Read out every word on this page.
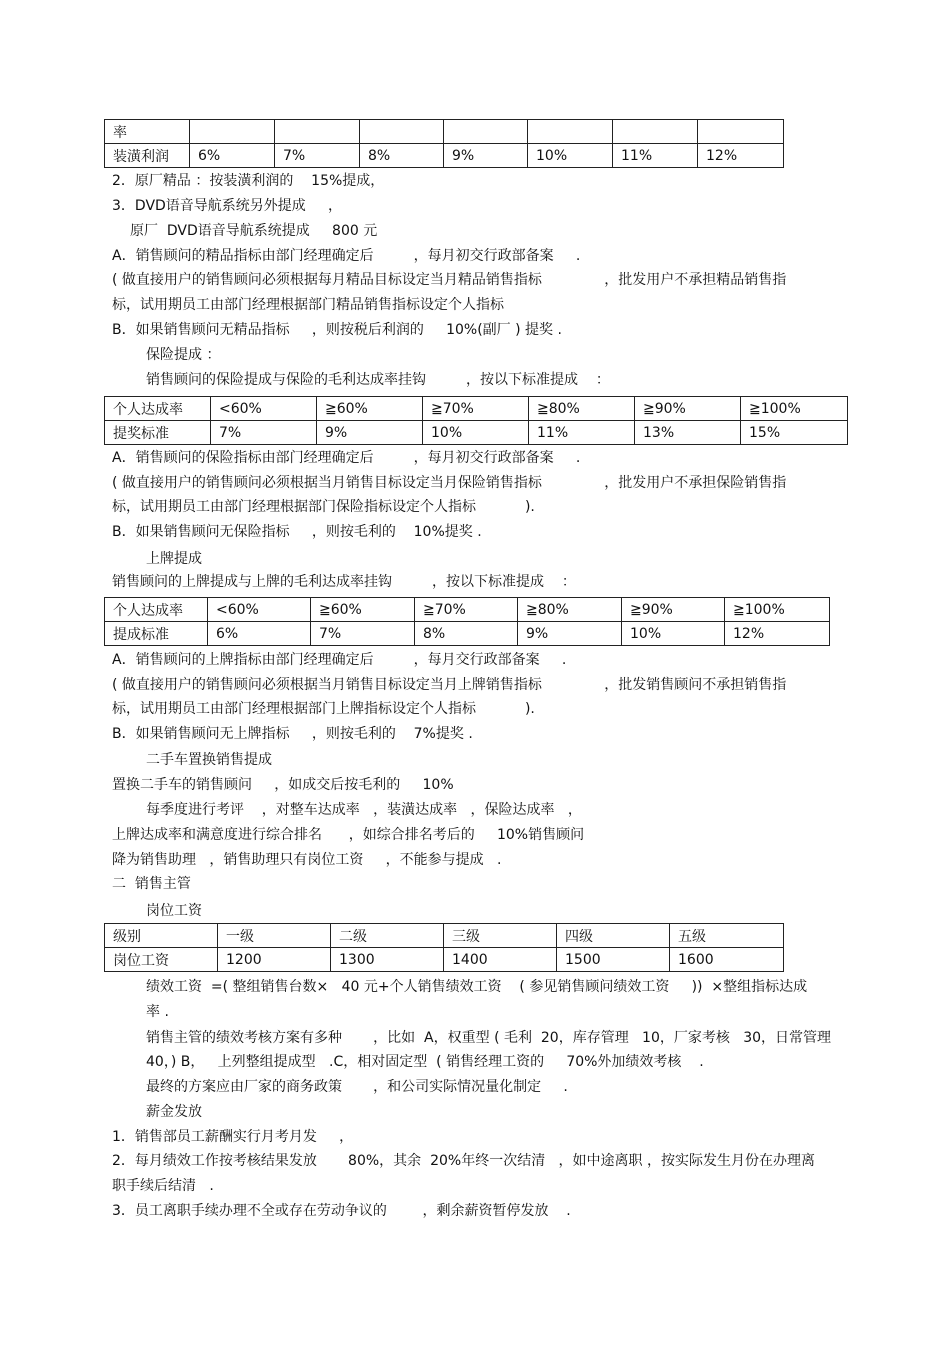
率							
装潢利润	6%	7%	8%	9%	10%	11%	12%
2．原厂精品 ：按装潢利润的    15%提成，
3．DVD语音导航系统另外提成     ，
原厂  DVD语音导航系统提成     800 元
A．销售顾问的精品指标由部门经理确定后         ，每月初交行政部备案     .
( 做直接用户的销售顾问必须根据每月精品目标设定当月精品销售指标              ，批发用户不承担精品销售指
标，试用期员工由部门经理根据部门精品销售指标设定个人指标
B．如果销售顾问无精品指标     ，则按税后利润的     10%(副厂 ) 提奖 .
保险提成 ：
销售顾问的保险提成与保险的毛利达成率挂钩         ，按以下标准提成    ：
个人达成率	<60%	≧60%	≧70%	≧80%	≧90%	≧100%
提奖标准	7%	9%	10%	11%	13%	15%
A．销售顾问的保险指标由部门经理确定后         ，每月初交行政部备案     .
( 做直接用户的销售顾问必须根据当月销售目标设定当月保险销售指标              ，批发用户不承担保险销售指
标，试用期员工由部门经理根据部门保险指标设定个人指标           ).
B．如果销售顾问无保险指标     ，则按毛利的    10%提奖 .
上牌提成
销售顾问的上牌提成与上牌的毛利达成率挂钩         ，按以下标准提成    ：
个人达成率	<60%	≧60%	≧70%	≧80%	≧90%	≧100%
提成标准	6%	7%	8%	9%	10%	12%
A．销售顾问的上牌指标由部门经理确定后         ，每月交行政部备案     .
( 做直接用户的销售顾问必须根据当月销售目标设定当月上牌销售指标              ，批发销售顾问不承担销售指
标，试用期员工由部门经理根据部门上牌指标设定个人指标           ).
B．如果销售顾问无上牌指标     ，则按毛利的    7%提奖 .
二手车置换销售提成
置换二手车的销售顾问     ，如成交后按毛利的     10%
每季度进行考评    ，对整车达成率   ，装潢达成率   ，保险达成率   ，
上牌达成率和满意度进行综合排名      ，如综合排名考后的     10%销售顾问
降为销售助理   ，销售助理只有岗位工资     ，不能参与提成   .
二  销售主管
岗位工资
级别	一级	二级	三级	四级	五级
岗位工资	1200	1300	1400	1500	1600
绩效工资  =( 整组销售台数×   40 元+个人销售绩效工资    ( 参见销售顾问绩效工资     ))  ×整组指标达成
率 .
销售主管的绩效考核方案有多种       ，比如  A，权重型 ( 毛利  20，库存管理   10，厂家考核   30，日常管理
40，) B，   上列整组提成型   .C，相对固定型  ( 销售经理工资的     70%外加绩效考核    .
最终的方案应由厂家的商务政策       ，和公司实际情况量化制定     .
薪金发放
1．销售部员工薪酬实行月考月发     ，
2．每月绩效工作按考核结果发放       80%，其余  20%年终一次结清   ，如中途离职 ，按实际发生月份在办理离
职手续后结清   .
3．员工离职手续办理不全或存在劳动争议的        ，剩余薪资暂停发放    .
